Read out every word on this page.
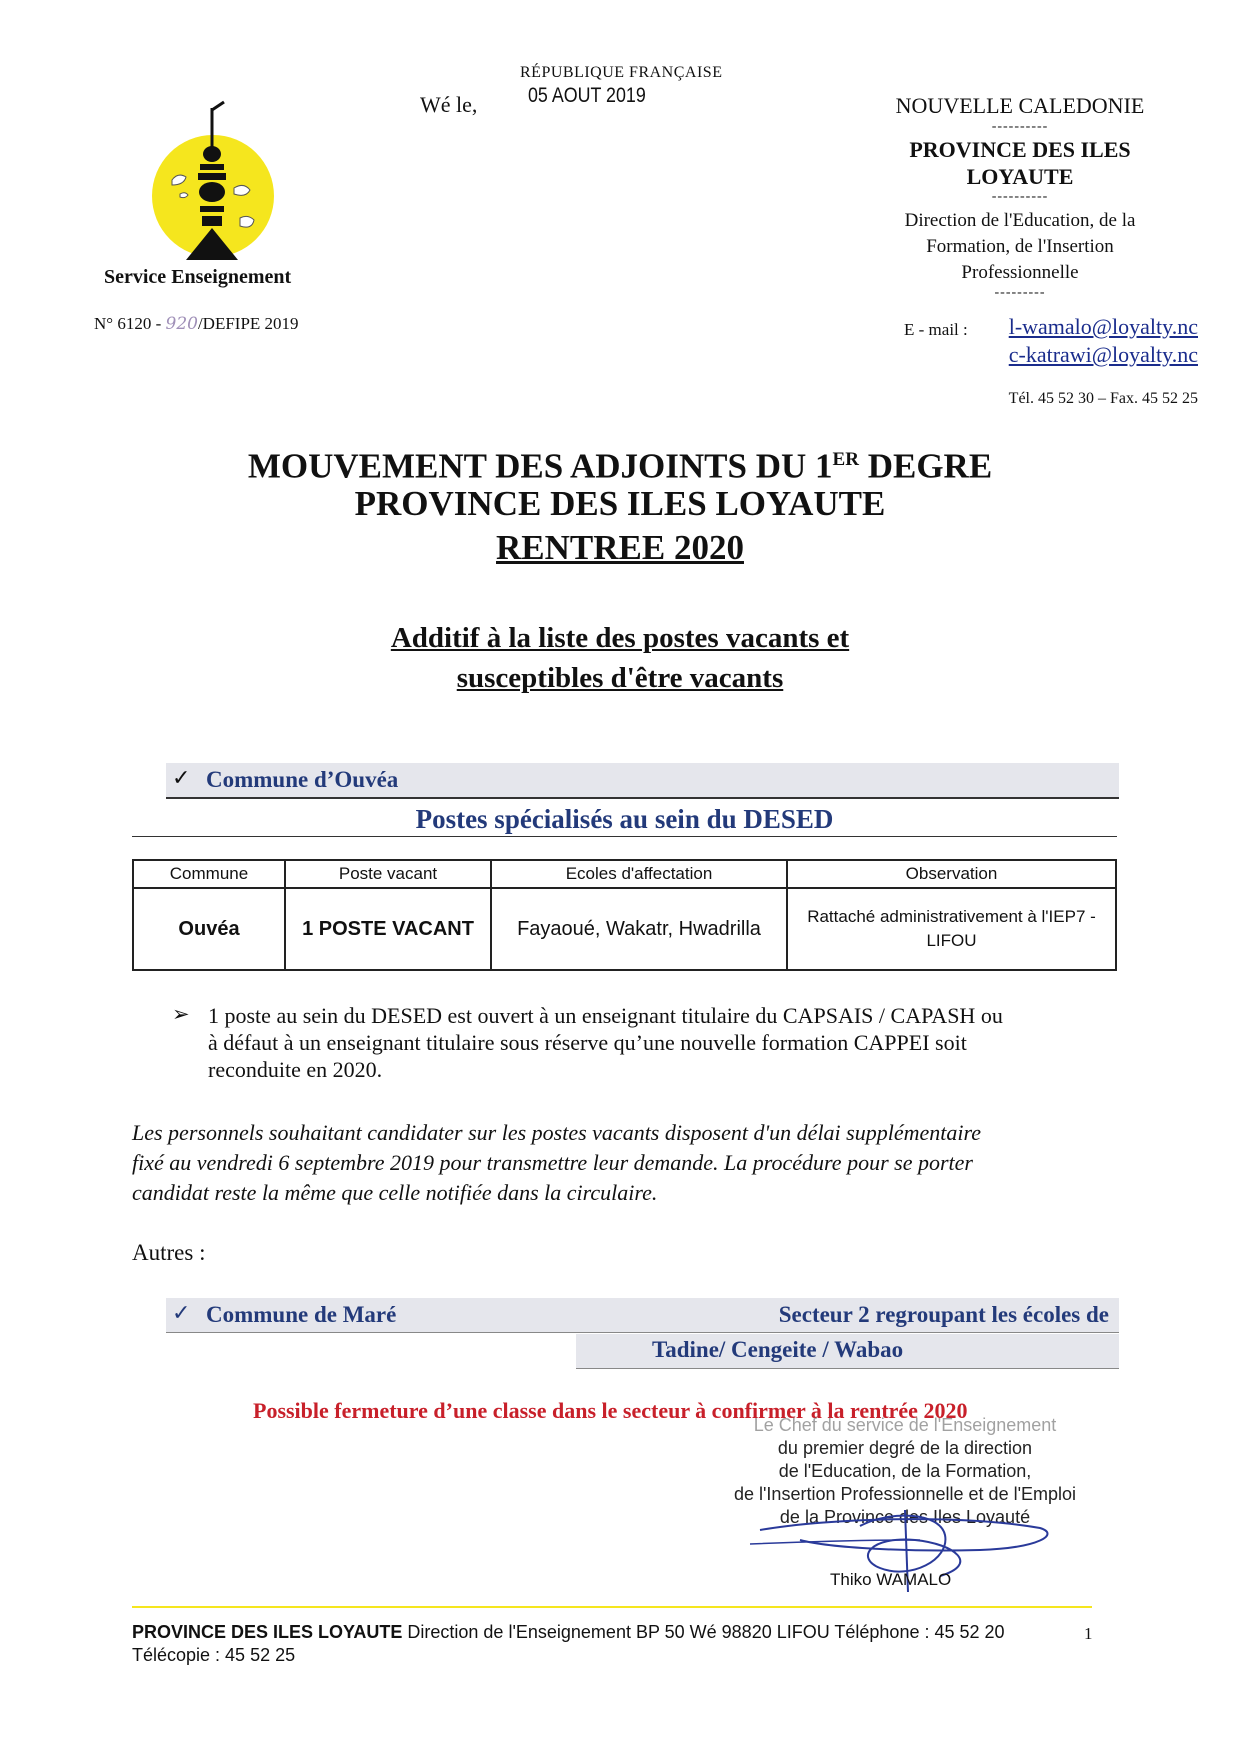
Service Enseignement
N° 6120 - 920/DEFIPE 2019
Wé le,
RÉPUBLIQUE FRANÇAISE
05 AOUT 2019	NOUVELLE CALEDONIE
----------
PROVINCE DES ILES
LOYAUTE
----------
Direction de l'Education, de la
Formation, de l'Insertion
Professionnelle
---------
E - mail : l-wamalo@loyalty.nc
c-katrawi@loyalty.nc
Tél. 45 52 30 – Fax. 45 52 25
MOUVEMENT DES ADJOINTS DU 1ER DEGRE
PROVINCE DES ILES LOYAUTE
RENTREE 2020
Additif à la liste des postes vacants et
susceptibles d'être vacants
✓ Commune d’Ouvéa
Postes spécialisés au sein du DESED
Commune	Poste vacant	Ecoles d'affectation	Observation
Ouvéa	1 POSTE VACANT	Fayaoué, Wakatr, Hwadrilla	Rattaché administrativement à l'IEP7 -
LIFOU
➢ 1 poste au sein du DESED est ouvert à un enseignant titulaire du CAPSAIS / CAPASH ou
à défaut à un enseignant titulaire sous réserve qu’une nouvelle formation CAPPEI soit
reconduite en 2020.
Les personnels souhaitant candidater sur les postes vacants disposent d'un délai supplémentaire
fixé au vendredi 6 septembre 2019 pour transmettre leur demande. La procédure pour se porter
candidat reste la même que celle notifiée dans la circulaire.
Autres :
✓ Commune de Maré	Secteur 2 regroupant les écoles de
Tadine/ Cengeite / Wabao
Possible fermeture d’une classe dans le secteur à confirmer à la rentrée 2020
Le Chef du service de l'Enseignement
du premier degré de la direction
de l'Education, de la Formation,
de l'Insertion Professionnelle et de l'Emploi
de la Province des Iles Loyauté
Thiko WAMALO
PROVINCE DES ILES LOYAUTE Direction de l'Enseignement BP 50 Wé 98820 LIFOU Téléphone : 45 52 20
Télécopie : 45 52 25
1
